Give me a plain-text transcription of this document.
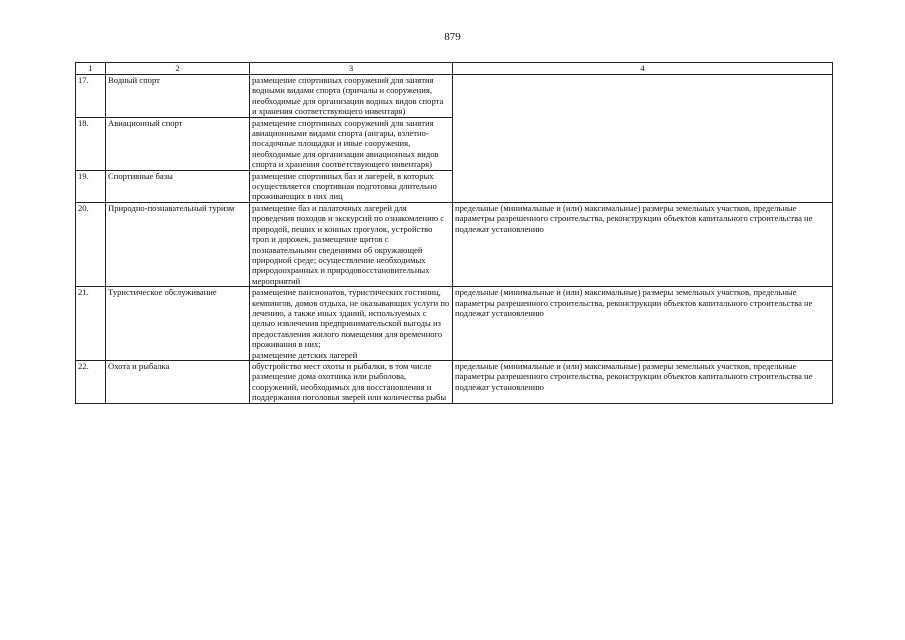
879
1	2	3	4

17.	Водный спорт	размещение спортивных сооружений для занятия водными видами спорта (причалы и сооружения, необходимые для организации водных видов спорта и хранения соответствующего инвентаря)	

18.	Авиационный спорт	размещение спортивных сооружений для занятия авиационными видами спорта (ангары, взлетно-посадочные площадки и иные сооружения, необходимые для организации авиационных видов спорта и хранения соответствующего инвентаря)	

19.	Спортивные базы	размещение спортивных баз и лагерей, в которых осуществляется спортивная подготовка длительно проживающих в них лиц	

20.	Природно-познавательный туризм	размещение баз и палаточных лагерей для проведения походов и экскурсий по ознакомлению с природой, пеших и конных прогулок, устройство троп и дорожек, размещение щитов с познавательными сведениями об окружающей природной среде; осуществление необходимых природоохранных и природовосстановительных мероприятий	предельные (минимальные и (или) максимальные) размеры земельных участков, предельные параметры разрешенного строительства, реконструкции объектов капитального строительства не подлежат установлению

21.	Туристическое обслуживание	размещение пансионатов, туристических гостиниц, кемпингов, домов отдыха, не оказывающих услуги по лечению, а также иных зданий, используемых с целью извлечения предпринимательской выгоды из предоставления жилого помещения для временного проживания в них;
размещение детских лагерей	предельные (минимальные и (или) максимальные) размеры земельных участков, предельные параметры разрешенного строительства, реконструкции объектов капитального строительства не подлежат установлению

22.	Охота и рыбалка	обустройство мест охоты и рыбалки, в том числе размещение дома охотника или рыболова, сооружений, необходимых для восстановления и поддержания поголовья зверей или количества рыбы	предельные (минимальные и (или) максимальные) размеры земельных участков, предельные параметры разрешенного строительства, реконструкции объектов капитального строительства не подлежат установлению
